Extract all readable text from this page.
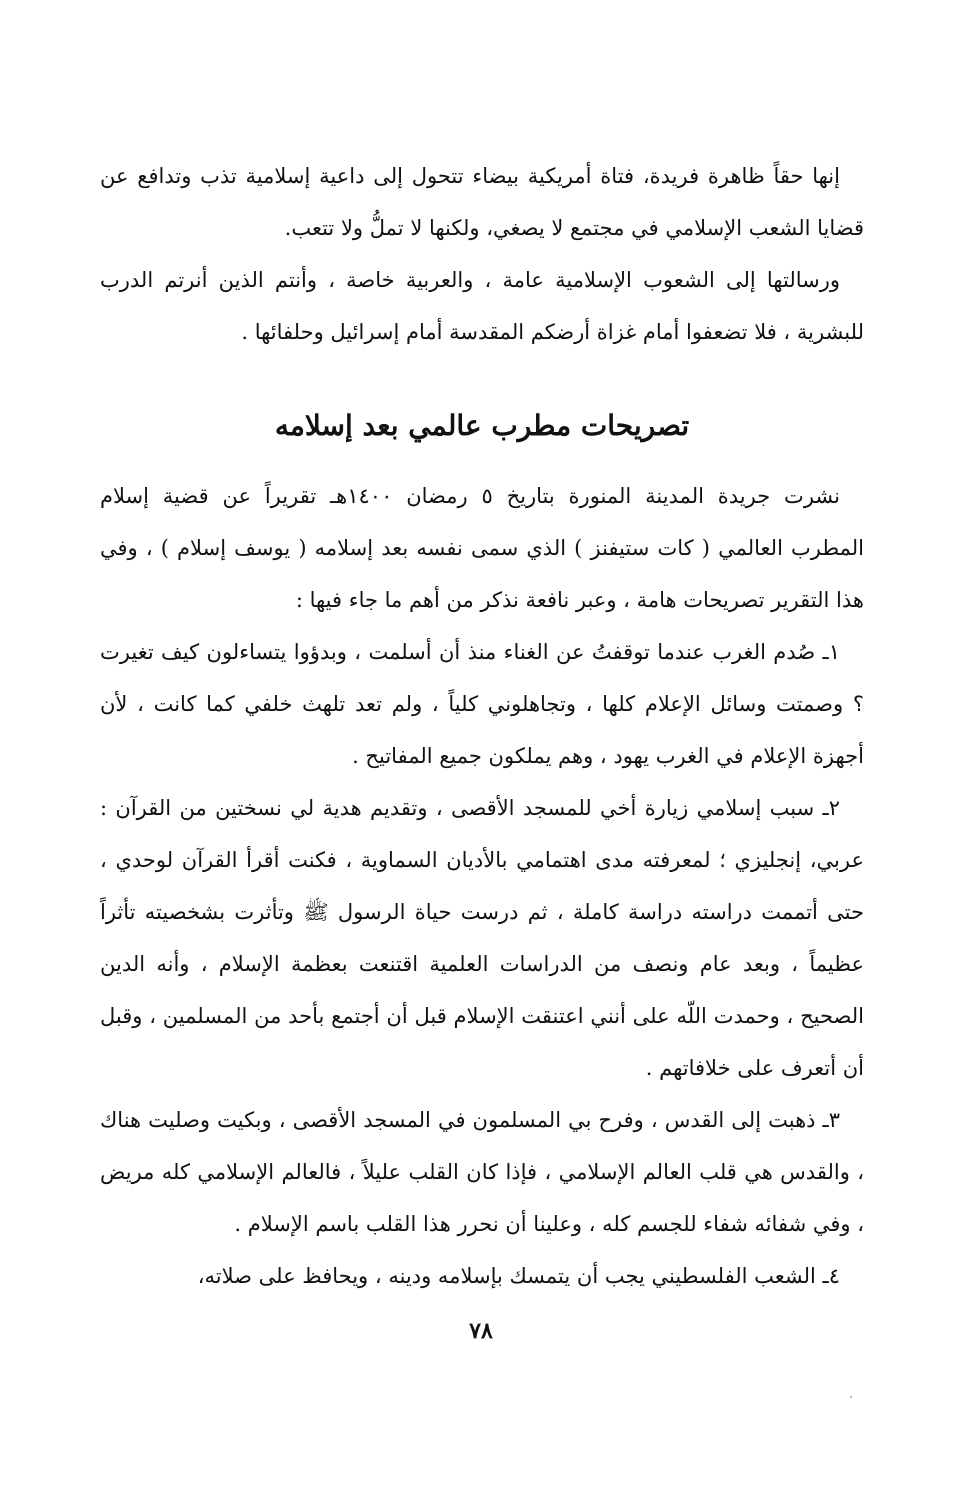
إنها حقاً ظاهرة فريدة، فتاة أمريكية بيضاء تتحول إلى داعية إسلامية تذب وتدافع عن قضايا الشعب الإسلامي في مجتمع لا يصغي، ولكنها لا تملُّ ولا تتعب.

ورسالتها إلى الشعوب الإسلامية عامة ، والعربية خاصة ، وأنتم الذين أنرتم الدرب للبشرية ، فلا تضعفوا أمام غزاة أرضكم المقدسة أمام إسرائيل وحلفائها .

تصريحات مطرب عالمي بعد إسلامه

نشرت جريدة المدينة المنورة بتاريخ ٥ رمضان ١٤٠٠هـ تقريراً عن قضية إسلام المطرب العالمي ( كات ستيفنز ) الذي سمى نفسه بعد إسلامه ( يوسف إسلام ) ، وفي هذا التقرير تصريحات هامة ، وعبر نافعة نذكر من أهم ما جاء فيها :

١ـ صُدم الغرب عندما توقفتُ عن الغناء منذ أن أسلمت ، وبدؤوا يتساءلون كيف تغيرت ؟ وصمتت وسائل الإعلام كلها ، وتجاهلوني كلياً ، ولم تعد تلهث خلفي كما كانت ، لأن أجهزة الإعلام في الغرب يهود ، وهم يملكون جميع المفاتيح .

٢ـ سبب إسلامي زيارة أخي للمسجد الأقصى ، وتقديم هدية لي نسختين من القرآن : عربي، إنجليزي ؛ لمعرفته مدى اهتمامي بالأديان السماوية ، فكنت أقرأ القرآن لوحدي ، حتى أتممت دراسته دراسة كاملة ، ثم درست حياة الرسول ﷺ وتأثرت بشخصيته تأثراً عظيماً ، وبعد عام ونصف من الدراسات العلمية اقتنعت بعظمة الإسلام ، وأنه الدين الصحيح ، وحمدت اللّه على أنني اعتنقت الإسلام قبل أن أجتمع بأحد من المسلمين ، وقبل أن أتعرف على خلافاتهم .

٣ـ ذهبت إلى القدس ، وفرح بي المسلمون في المسجد الأقصى ، وبكيت وصليت هناك ، والقدس هي قلب العالم الإسلامي ، فإذا كان القلب عليلاً ، فالعالم الإسلامي كله مريض ، وفي شفائه شفاء للجسم كله ، وعلينا أن نحرر هذا القلب باسم الإسلام .

٤ـ الشعب الفلسطيني يجب أن يتمسك بإسلامه ودينه ، ويحافظ على صلاته،

٧٨
